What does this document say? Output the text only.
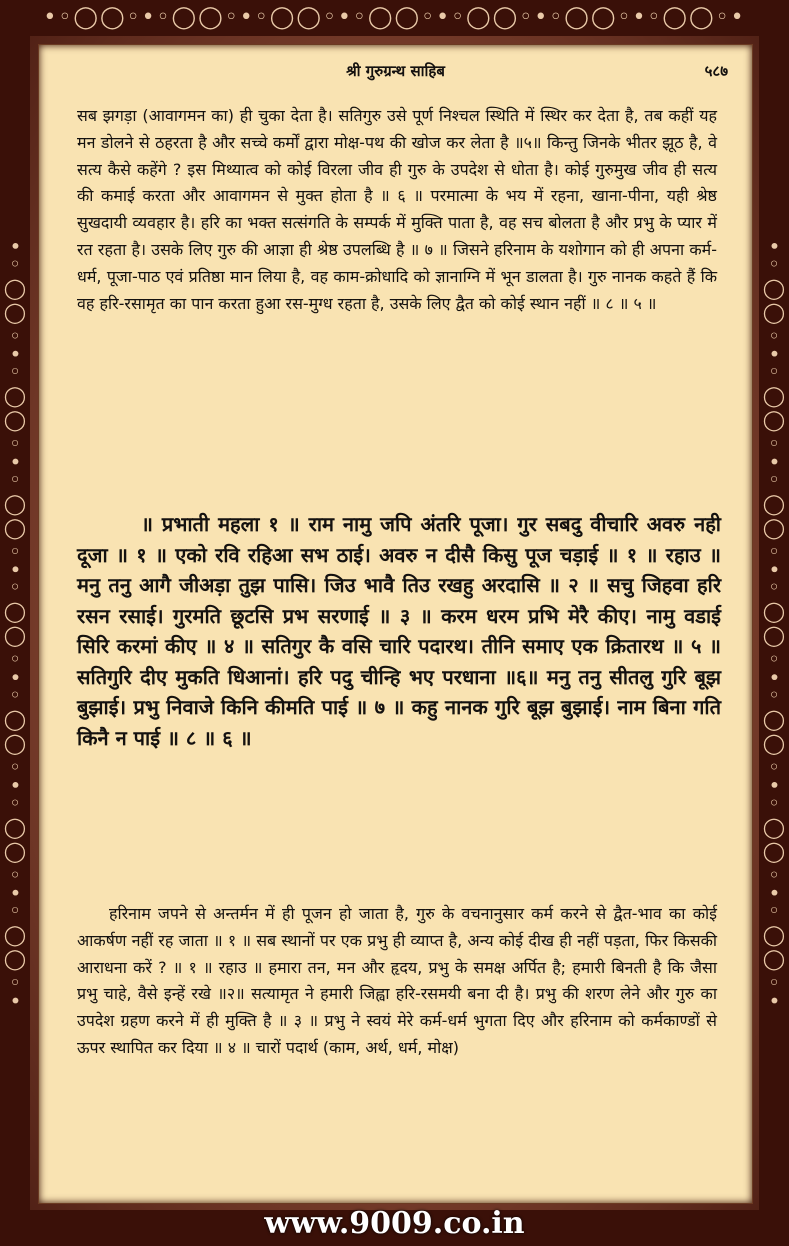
•◦◯◯◦•◦◯◯◦•◦◯◯◦•◦◯◯◦•◦◯◯◦•◦◯◯◦•◦◯◯◦•
•◦◯◯◦•◦◯◯◦•◦◯◯◦•◦◯◯◦•◦◯◯◦•◦◯◯◦•◦◯◯◦•	•◦◯◯◦•◦◯◯◦•◦◯◯◦•◦◯◯◦•◦◯◯◦•◦◯◯◦•◦◯◯◦•
www.9009.co.in
श्री गुरुग्रन्थ साहिब	५८७
सब झगड़ा (आवागमन का) ही चुका देता है। सतिगुरु उसे पूर्ण निश्चल स्थिति में स्थिर कर देता है, तब कहीं यह मन डोलने से ठहरता है और सच्चे कर्मों द्वारा मोक्ष-पथ की खोज कर लेता है ॥५॥ किन्तु जिनके भीतर झूठ है, वे सत्य कैसे कहेंगे ? इस मिथ्यात्व को कोई विरला जीव ही गुरु के उपदेश से धोता है। कोई गुरुमुख जीव ही सत्य की कमाई करता और आवागमन से मुक्त होता है ॥ ६ ॥ परमात्मा के भय में रहना, खाना-पीना, यही श्रेष्ठ सुखदायी व्यवहार है। हरि का भक्त सत्संगति के सम्पर्क में मुक्ति पाता है, वह सच बोलता है और प्रभु के प्यार में रत रहता है। उसके लिए गुरु की आज्ञा ही श्रेष्ठ उपलब्धि है ॥ ७ ॥ जिसने हरिनाम के यशोगान को ही अपना कर्म-धर्म, पूजा-पाठ एवं प्रतिष्ठा मान लिया है, वह काम-क्रोधादि को ज्ञानाग्नि में भून डालता है। गुरु नानक कहते हैं कि वह हरि-रसामृत का पान करता हुआ रस-मुग्ध रहता है, उसके लिए द्वैत को कोई स्थान नहीं ॥ ८ ॥ ५ ॥
॥ प्रभाती महला १ ॥ राम नामु जपि अंतरि पूजा। गुर सबदु वीचारि अवरु नही दूजा ॥ १ ॥ एको रवि रहिआ सभ ठाई। अवरु न दीसै किसु पूज चड़ाई ॥ १ ॥ रहाउ ॥ मनु तनु आगै जीअड़ा तुझ पासि। जिउ भावै तिउ रखहु अरदासि ॥ २ ॥ सचु जिहवा हरि रसन रसाई। गुरमति छूटसि प्रभ सरणाई ॥ ३ ॥ करम धरम प्रभि मेरै कीए। नामु वडाई सिरि करमां कीए ॥ ४ ॥ सतिगुर कै वसि चारि पदारथ। तीनि समाए एक क्रितारथ ॥ ५ ॥ सतिगुरि दीए मुकति धिआनां। हरि पदु चीन्हि भए परधाना ॥६॥ मनु तनु सीतलु गुरि बूझ बुझाई। प्रभु निवाजे किनि कीमति पाई ॥ ७ ॥ कहु नानक गुरि बूझ बुझाई। नाम बिना गति किनै न पाई ॥ ८ ॥ ६ ॥
हरिनाम जपने से अन्तर्मन में ही पूजन हो जाता है, गुरु के वचनानुसार कर्म करने से द्वैत-भाव का कोई आकर्षण नहीं रह जाता ॥ १ ॥ सब स्थानों पर एक प्रभु ही व्याप्त है, अन्य कोई दीख ही नहीं पड़ता, फिर किसकी आराधना करें ? ॥ १ ॥ रहाउ ॥ हमारा तन, मन और हृदय, प्रभु के समक्ष अर्पित है; हमारी बिनती है कि जैसा प्रभु चाहे, वैसे इन्हें रखे ॥२॥ सत्यामृत ने हमारी जिह्वा हरि-रसमयी बना दी है। प्रभु की शरण लेने और गुरु का उपदेश ग्रहण करने में ही मुक्ति है ॥ ३ ॥ प्रभु ने स्वयं मेरे कर्म-धर्म भुगता दिए और हरिनाम को कर्मकाण्डों से ऊपर स्थापित कर दिया ॥ ४ ॥ चारों पदार्थ (काम, अर्थ, धर्म, मोक्ष)
